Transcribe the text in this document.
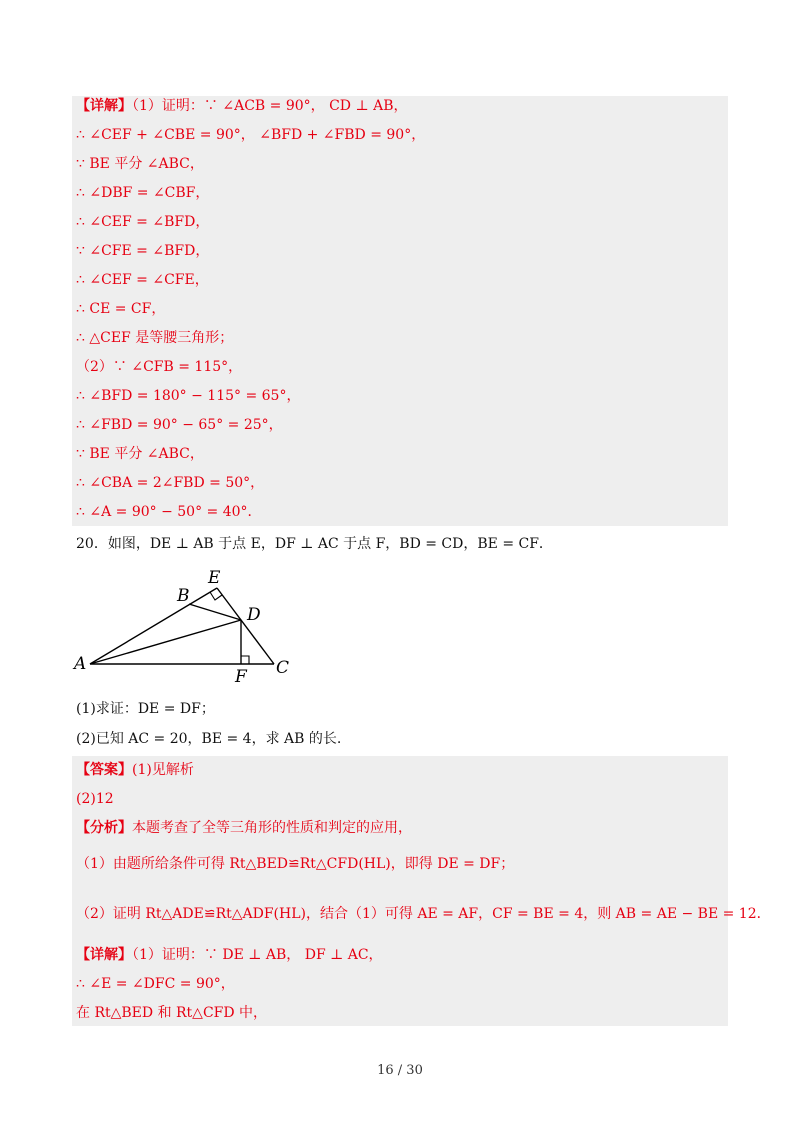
【详解】（1）证明：∵ ∠ACB = 90°， CD ⊥ AB，
∴ ∠CEF + ∠CBE = 90°， ∠BFD + ∠FBD = 90°，
∵ BE 平分 ∠ABC，
∴ ∠DBF = ∠CBF，
∴ ∠CEF = ∠BFD，
∵ ∠CFE = ∠BFD，
∴ ∠CEF = ∠CFE，
∴ CE = CF，
∴ △CEF 是等腰三角形；
（2）∵ ∠CFB = 115°，
∴ ∠BFD = 180° − 115° = 65°，
∴ ∠FBD = 90° − 65° = 25°，
∵ BE 平分 ∠ABC，
∴ ∠CBA = 2∠FBD = 50°，
∴ ∠A = 90° − 50° = 40°．
20．如图，DE ⊥ AB 于点 E，DF ⊥ AC 于点 F，BD = CD，BE = CF．
A
B
C
D
E
F
(1)求证：DE = DF；
(2)已知 AC = 20，BE = 4，求 AB 的长.
【答案】(1)见解析
(2)12
【分析】本题考查了全等三角形的性质和判定的应用，
（1）由题所给条件可得 Rt△BED≌Rt△CFD(HL)，即得 DE = DF；
（2）证明 Rt△ADE≌Rt△ADF(HL)，结合（1）可得 AE = AF，CF = BE = 4，则 AB = AE − BE = 12．
【详解】（1）证明：∵ DE ⊥ AB， DF ⊥ AC，
∴ ∠E = ∠DFC = 90°，
在 Rt△BED 和 Rt△CFD 中，
16 / 30
